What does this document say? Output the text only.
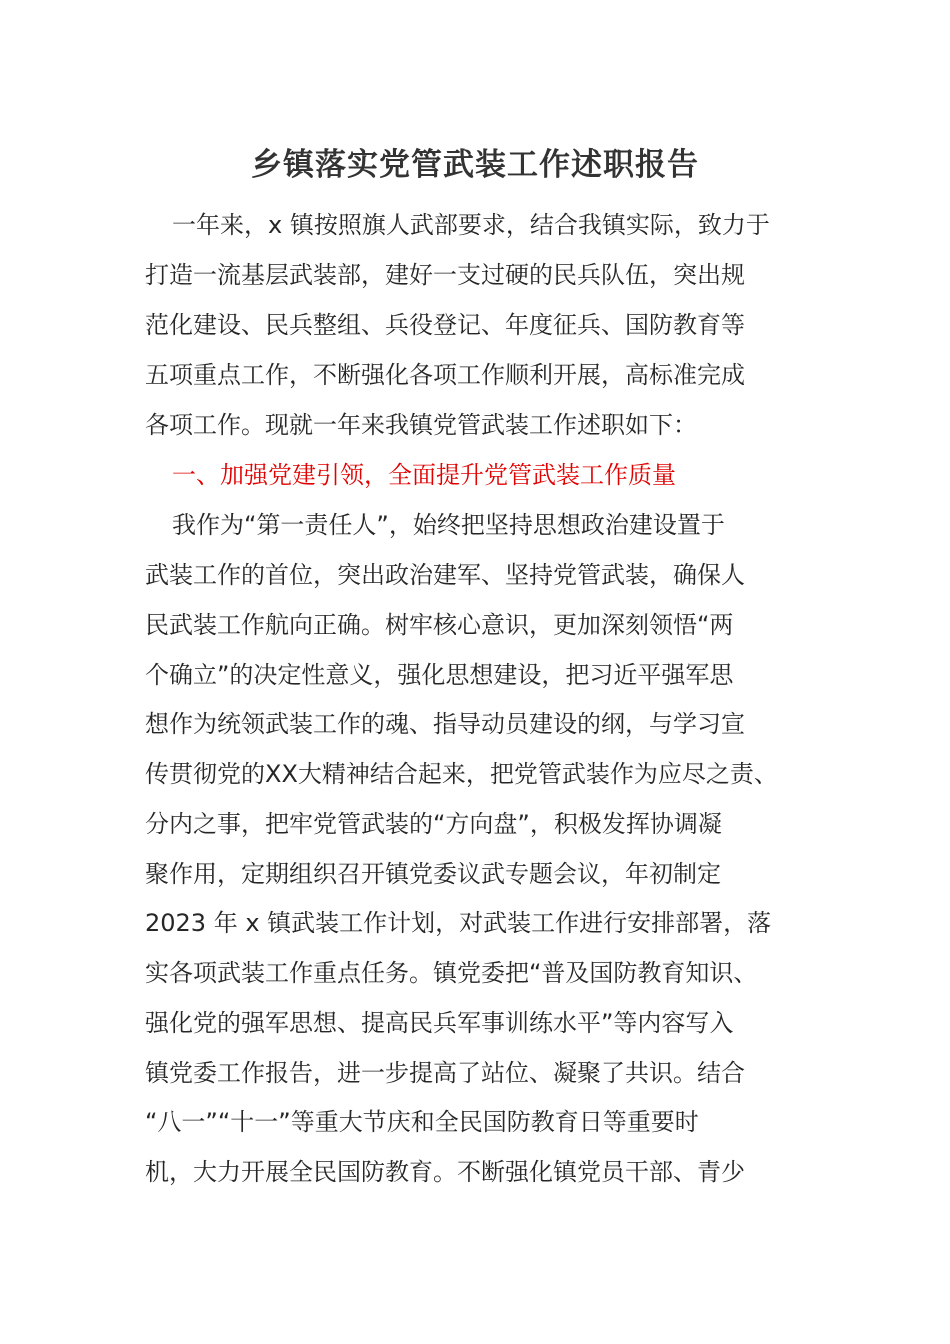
乡镇落实党管武装工作述职报告
一年来，x 镇按照旗人武部要求，结合我镇实际，致力于
打造一流基层武装部，建好一支过硬的民兵队伍，突出规
范化建设、民兵整组、兵役登记、年度征兵、国防教育等
五项重点工作，不断强化各项工作顺利开展，高标准完成
各项工作。现就一年来我镇党管武装工作述职如下：
一、加强党建引领，全面提升党管武装工作质量
我作为“第一责任人”，始终把坚持思想政治建设置于
武装工作的首位，突出政治建军、坚持党管武装，确保人
民武装工作航向正确。树牢核心意识，更加深刻领悟“两
个确立”的决定性意义，强化思想建设，把习近平强军思
想作为统领武装工作的魂、指导动员建设的纲，与学习宣
传贯彻党的XX大精神结合起来，把党管武装作为应尽之责、
分内之事，把牢党管武装的“方向盘”，积极发挥协调凝
聚作用，定期组织召开镇党委议武专题会议，年初制定
2023 年 x 镇武装工作计划，对武装工作进行安排部署，落
实各项武装工作重点任务。镇党委把“普及国防教育知识、
强化党的强军思想、提高民兵军事训练水平”等内容写入
镇党委工作报告，进一步提高了站位、凝聚了共识。结合
“八一”“十一”等重大节庆和全民国防教育日等重要时
机，大力开展全民国防教育。不断强化镇党员干部、青少
